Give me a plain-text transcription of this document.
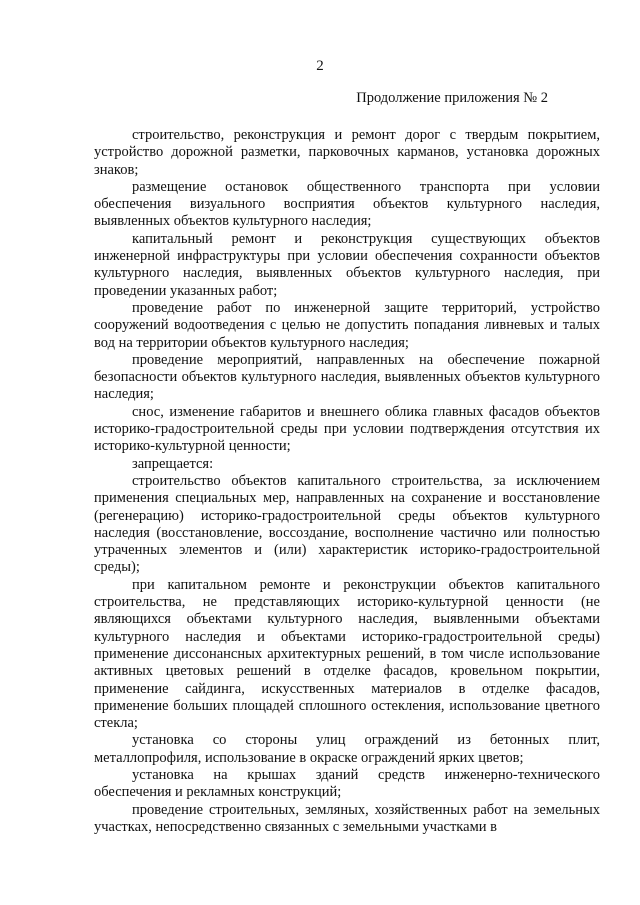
2
Продолжение приложения № 2

строительство, реконструкция и ремонт дорог с твердым покрытием, устройство дорожной разметки, парковочных карманов, установка дорожных знаков;

размещение остановок общественного транспорта при условии обеспечения визуального восприятия объектов культурного наследия, выявленных объектов культурного наследия;

капитальный ремонт и реконструкция существующих объектов инженерной инфраструктуры при условии обеспечения сохранности объектов культурного наследия, выявленных объектов культурного наследия, при проведении указанных работ;

проведение работ по инженерной защите территорий, устройство сооружений водоотведения с целью не допустить попадания ливневых и талых вод на территории объектов культурного наследия;

проведение мероприятий, направленных на обеспечение пожарной безопасности объектов культурного наследия, выявленных объектов культурного наследия;

снос, изменение габаритов и внешнего облика главных фасадов объектов историко-градостроительной среды при условии подтверждения отсутствия их историко-культурной ценности;

запрещается:

строительство объектов капитального строительства, за исключением применения специальных мер, направленных на сохранение и восстановление (регенерацию) историко-градостроительной среды объектов культурного наследия (восстановление, воссоздание, восполнение частично или полностью утраченных элементов и (или) характеристик историко-градостроительной среды);

при капитальном ремонте и реконструкции объектов капитального строительства, не представляющих историко-культурной ценности (не являющихся объектами культурного наследия, выявленными объектами культурного наследия и объектами историко-градостроительной среды) применение диссонансных архитектурных решений, в том числе использование активных цветовых решений в отделке фасадов, кровельном покрытии, применение сайдинга, искусственных материалов в отделке фасадов, применение больших площадей сплошного остекления, использование цветного стекла;

установка со стороны улиц ограждений из бетонных плит, металлопрофиля, использование в окраске ограждений ярких цветов;

установка на крышах зданий средств инженерно-технического обеспечения и рекламных конструкций;

проведение строительных, земляных, хозяйственных работ на земельных участках, непосредственно связанных с земельными участками в
